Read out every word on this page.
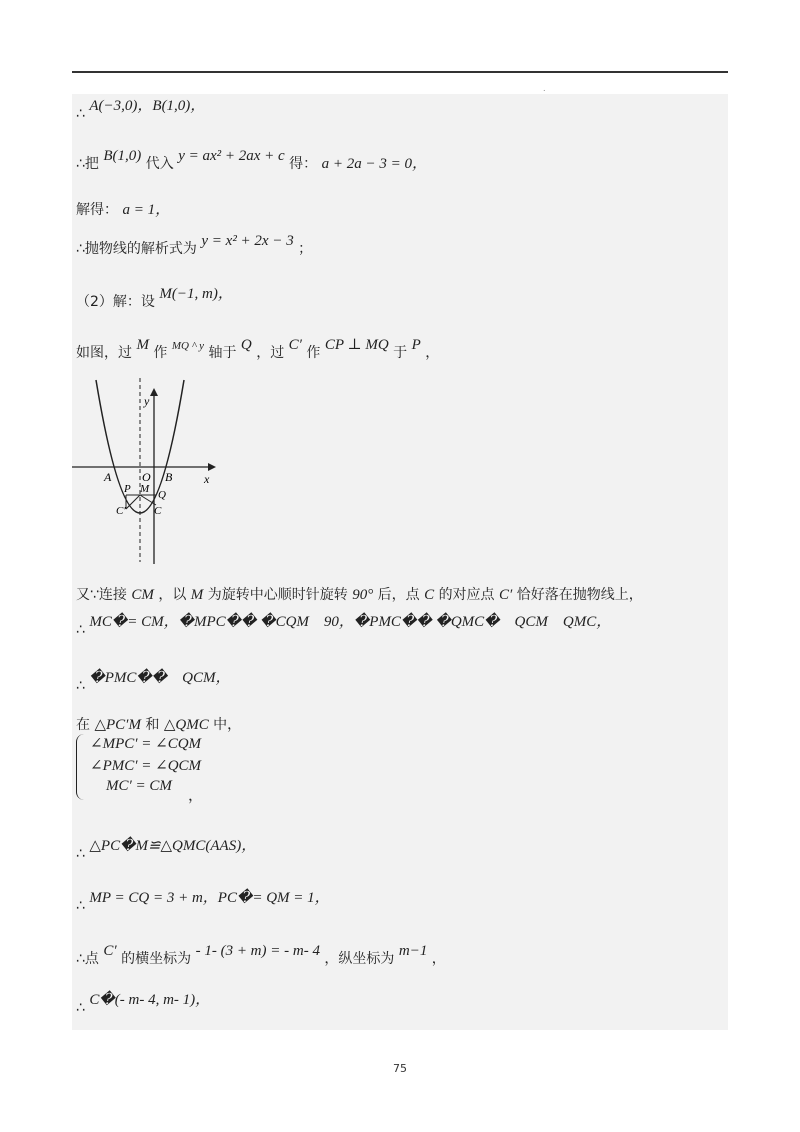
.
∴ A(−3,0)，B(1,0)，
∴把 B(1,0) 代入 y = ax² + 2ax + c 得： a + 2a − 3 = 0，
解得： a = 1，
∴抛物线的解析式为 y = x² + 2x − 3 ；
（2）解：设 M(−1, m)，
如图，过 M 作 $^{MQ \^{} y}$ 轴于 Q ，过 C′ 作 CP ⊥ MQ 于 P ，
y
x
A	O B
P M Q
C′	C
又∵连接 CM ，以 M 为旋转中心顺时针旋转 90° 后，点 C 的对应点 C′ 恰好落在抛物线上，
∴ MC�= CM，�MPC�� �CQM　90，�PMC�� �QMC�　QCM　QMC，
∴ �PMC��　QCM，
在 △PC′M 和 △QMC 中，
∠MPC′ = ∠CQM
∠PMC′ = ∠QCM
MC′ = CM ，
∴ △PC�M≌△QMC(AAS)，
∴ MP = CQ = 3 + m，PC�= QM = 1，
∴点 C′ 的横坐标为 - 1- (3 + m) = - m- 4 ，纵坐标为 m−1 ，
∴ C�(- m- 4, m- 1)，
75
